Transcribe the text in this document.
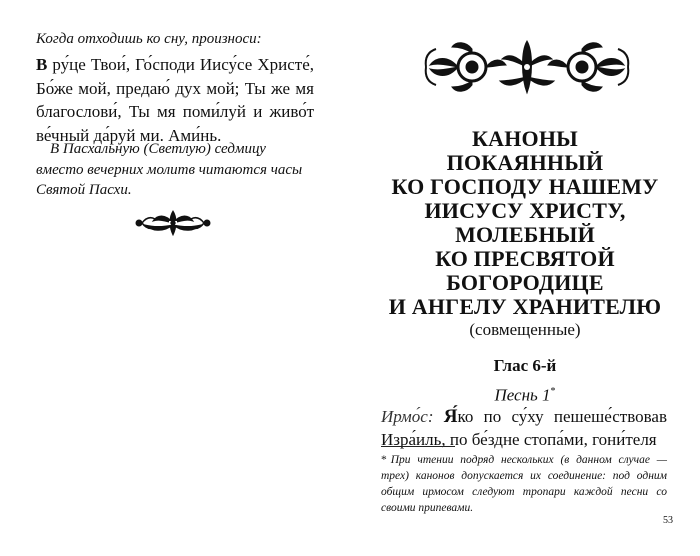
Когда отходишь ко сну, произноси:
В ру́це Твои́, Го́споди Иису́се Христе́, Бо́же мой, предаю́ дух мой; Ты же мя благослови́, Ты мя поми́луй и живо́т ве́чный да́руй ми. Ами́нь.
В Пасхальную (Светлую) седмицу вместо вечерних молитв читаются часы Святой Пасхи.
КАНОНЫ
ПОКАЯННЫЙ
КО ГОСПОДУ НАШЕМУ
ИИСУСУ ХРИСТУ,
МОЛЕБНЫЙ
КО ПРЕСВЯТОЙ
БОГОРОДИЦЕ
И АНГЕЛУ ХРАНИТЕЛЮ
(совмещенные)
Глас 6-й
Песнь 1*
Ирмо́с: Я́ко по су́ху пешеше́ствовав Изра́иль, по бе́здне стопа́ми, гони́теля
* При чтении подряд нескольких (в данном случае — трех) канонов допускается их соединение: под одним общим ирмосом следуют тропари каждой песни со своими припевами.
53
